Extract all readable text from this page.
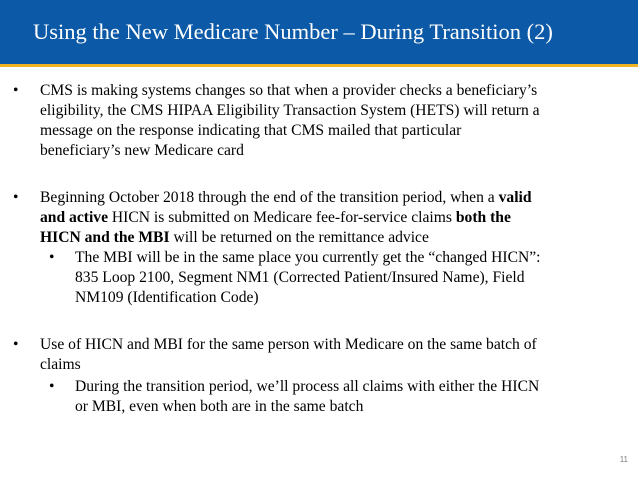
Using the New Medicare Number – During Transition (2)
• CMS is making systems changes so that when a provider checks a beneficiary’s
eligibility, the CMS HIPAA Eligibility Transaction System (HETS) will return a
message on the response indicating that CMS mailed that particular
beneficiary’s new Medicare card
• Beginning October 2018 through the end of the transition period, when a valid
and active HICN is submitted on Medicare fee-for-service claims both the
HICN and the MBI will be returned on the remittance advice
• The MBI will be in the same place you currently get the “changed HICN”:
835 Loop 2100, Segment NM1 (Corrected Patient/Insured Name), Field
NM109 (Identification Code)
• Use of HICN and MBI for the same person with Medicare on the same batch of
claims
• During the transition period, we’ll process all claims with either the HICN
or MBI, even when both are in the same batch
11
